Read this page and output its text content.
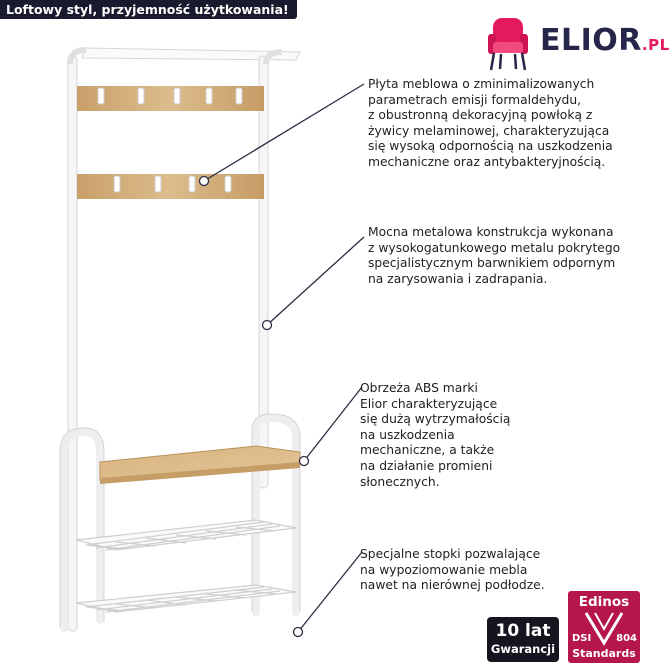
Loftowy styl, przyjemność użytkowania!
ELIOR.PL
Płyta meblowa o zminimalizowanych
parametrach emisji formaldehydu,
z obustronną dekoracyjną powłoką z
żywicy melaminowej, charakteryzująca
się wysoką odpornością na uszkodzenia
mechaniczne oraz antybakteryjnością.
Mocna metalowa konstrukcja wykonana
z wysokogatunkowego metalu pokrytego
specjalistycznym barwnikiem odpornym
na zarysowania i zadrapania.
Obrzeża ABS marki
Elior charakteryzujące
się dużą wytrzymałością
na uszkodzenia
mechaniczne, a także
na działanie promieni
słonecznych.
Specjalne stopki pozwalające
na wypoziomowanie mebla
nawet na nierównej podłodze.
10 lat
Gwarancji
Edinos
DSI 804
Standards
